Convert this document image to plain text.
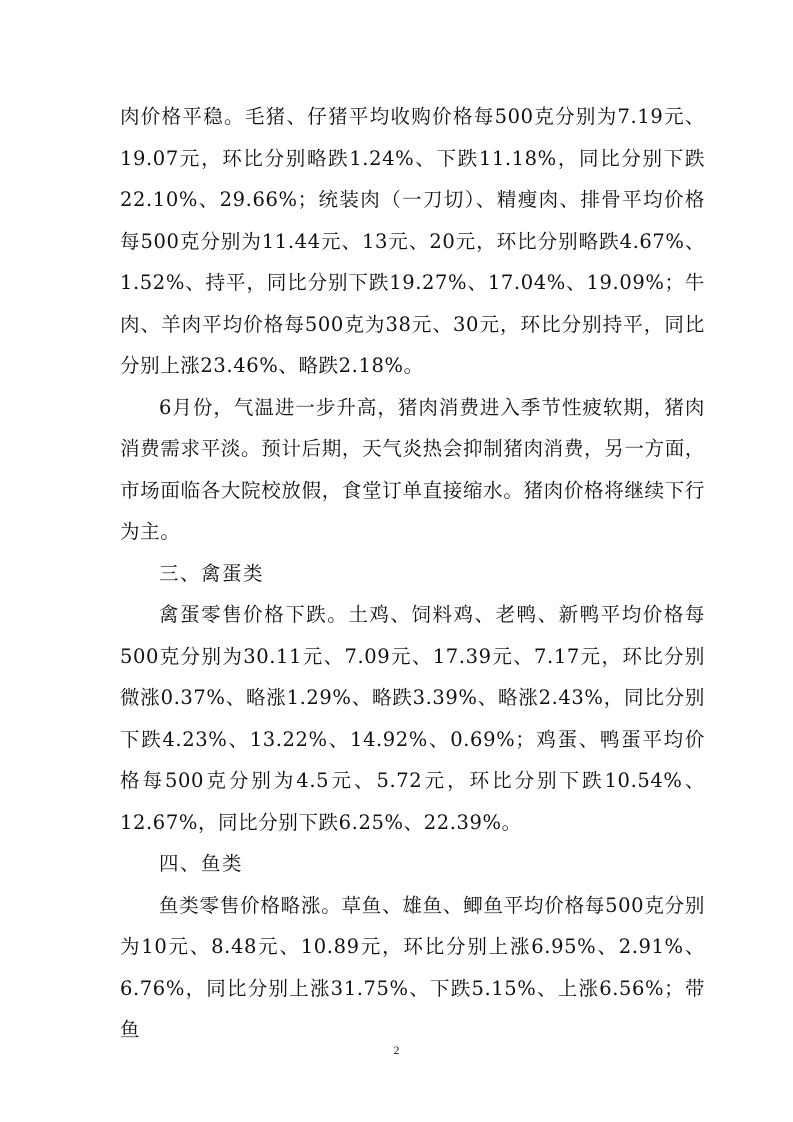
肉价格平稳。毛猪、仔猪平均收购价格每500克分别为7.19元、19.07元，环比分别略跌1.24%、下跌11.18%，同比分别下跌22.10%、29.66%；统装肉（一刀切）、精瘦肉、排骨平均价格每500克分别为11.44元、13元、20元，环比分别略跌4.67%、1.52%、持平，同比分别下跌19.27%、17.04%、19.09%；牛肉、羊肉平均价格每500克为38元、30元，环比分别持平，同比分别上涨23.46%、略跌2.18%。

6月份，气温进一步升高，猪肉消费进入季节性疲软期，猪肉消费需求平淡。预计后期，天气炎热会抑制猪肉消费，另一方面，市场面临各大院校放假，食堂订单直接缩水。猪肉价格将继续下行为主。

三、禽蛋类

禽蛋零售价格下跌。土鸡、饲料鸡、老鸭、新鸭平均价格每500克分别为30.11元、7.09元、17.39元、7.17元，环比分别微涨0.37%、略涨1.29%、略跌3.39%、略涨2.43%，同比分别下跌4.23%、13.22%、14.92%、0.69%；鸡蛋、鸭蛋平均价格每500克分别为4.5元、5.72元，环比分别下跌10.54%、12.67%，同比分别下跌6.25%、22.39%。

四、鱼类

鱼类零售价格略涨。草鱼、雄鱼、鲫鱼平均价格每500克分别为10元、8.48元、10.89元，环比分别上涨6.95%、2.91%、6.76%，同比分别上涨31.75%、下跌5.15%、上涨6.56%；带鱼

2
